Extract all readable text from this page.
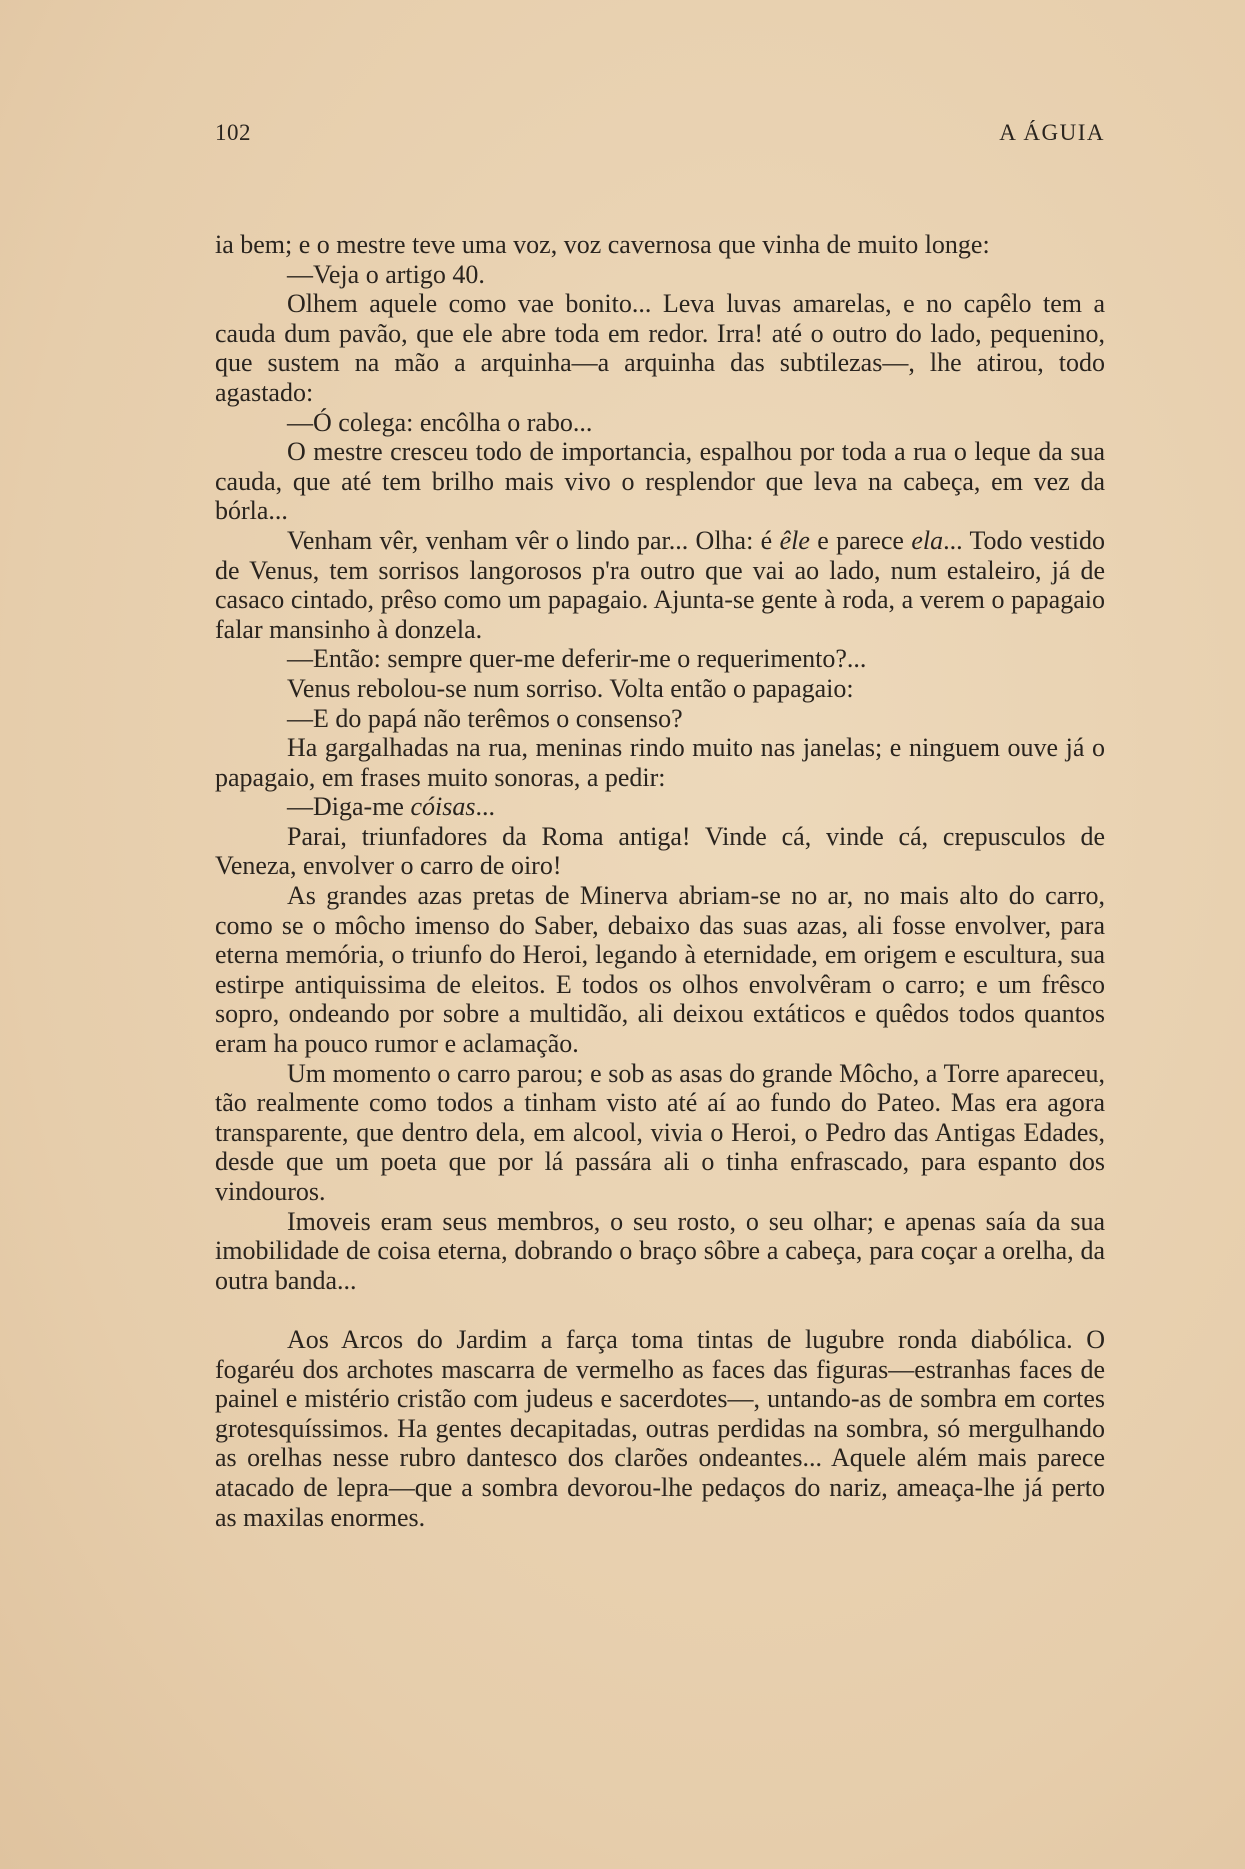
102	A ÁGUIA

ia bem; e o mestre teve uma voz, voz cavernosa que vinha de muito longe:

—Veja o artigo 40.

Olhem aquele como vae bonito... Leva luvas amarelas, e no capêlo tem a cauda dum pavão, que ele abre toda em redor. Irra! até o outro do lado, pequenino, que sustem na mão a arquinha—a arquinha das subtilezas—, lhe atirou, todo agastado:

—Ó colega: encôlha o rabo...

O mestre cresceu todo de importancia, espalhou por toda a rua o leque da sua cauda, que até tem brilho mais vivo o resplendor que leva na cabeça, em vez da bórla...

Venham vêr, venham vêr o lindo par... Olha: é êle e parece ela... Todo vestido de Venus, tem sorrisos langorosos p'ra outro que vai ao lado, num estaleiro, já de casaco cintado, prêso como um papagaio. Ajunta-se gente à roda, a verem o papagaio falar mansinho à donzela.

—Então: sempre quer-me deferir-me o requerimento?...

Venus rebolou-se num sorriso. Volta então o papagaio:

—E do papá não terêmos o consenso?

Ha gargalhadas na rua, meninas rindo muito nas janelas; e ninguem ouve já o papagaio, em frases muito sonoras, a pedir:

—Diga-me cóisas...

Parai, triunfadores da Roma antiga! Vinde cá, vinde cá, crepusculos de Veneza, envolver o carro de oiro!

As grandes azas pretas de Minerva abriam-se no ar, no mais alto do carro, como se o môcho imenso do Saber, debaixo das suas azas, ali fosse envolver, para eterna memória, o triunfo do Heroi, legando à eternidade, em origem e escultura, sua estirpe antiquissima de eleitos. E todos os olhos envolvêram o carro; e um frêsco sopro, ondeando por sobre a multidão, ali deixou extáticos e quêdos todos quantos eram ha pouco rumor e aclamação.

Um momento o carro parou; e sob as asas do grande Môcho, a Torre apareceu, tão realmente como todos a tinham visto até aí ao fundo do Pateo. Mas era agora transparente, que dentro dela, em alcool, vivia o Heroi, o Pedro das Antigas Edades, desde que um poeta que por lá passára ali o tinha enfrascado, para espanto dos vindouros.

Imoveis eram seus membros, o seu rosto, o seu olhar; e apenas saía da sua imobilidade de coisa eterna, dobrando o braço sôbre a cabeça, para coçar a orelha, da outra banda...

Aos Arcos do Jardim a farça toma tintas de lugubre ronda diabólica. O fogaréu dos archotes mascarra de vermelho as faces das figuras—estranhas faces de painel e mistério cristão com judeus e sacerdotes—, untando-as de sombra em cortes grotesquíssimos. Ha gentes decapitadas, outras perdidas na sombra, só mergulhando as orelhas nesse rubro dantesco dos clarões ondeantes... Aquele além mais parece atacado de lepra—que a sombra devorou-lhe pedaços do nariz, ameaça-lhe já perto as maxilas enormes.
